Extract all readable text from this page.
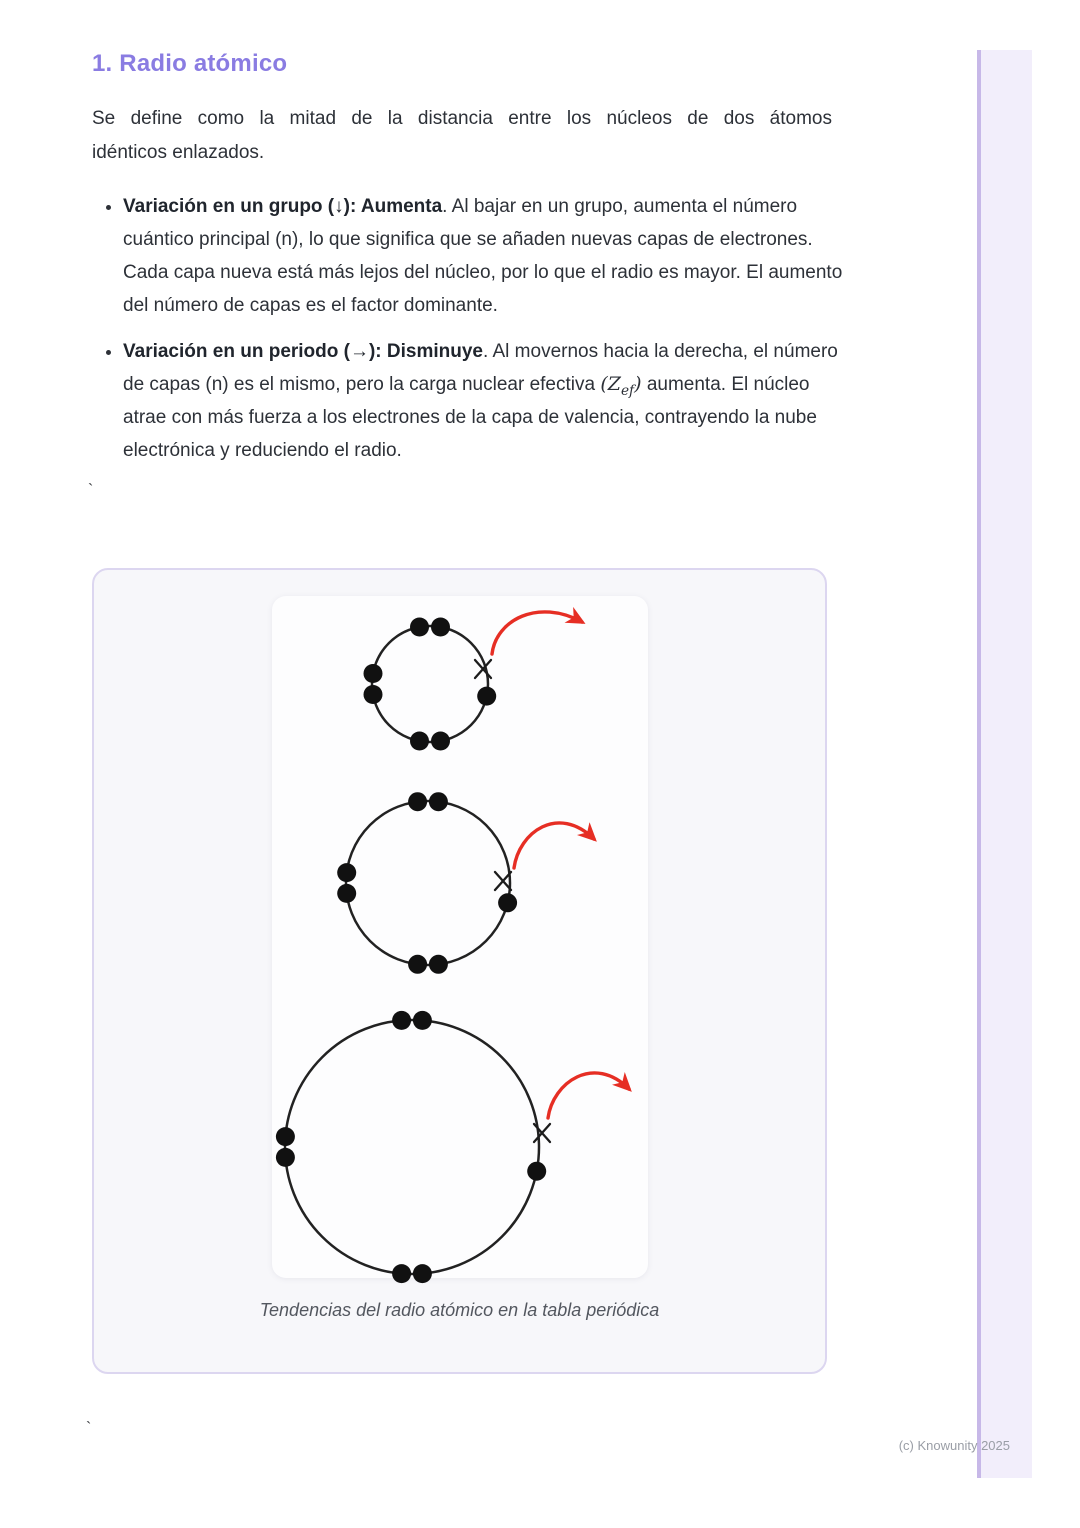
1. Radio atómico

Se define como la mitad de la distancia entre los núcleos de dos átomos
idénticos enlazados.

• Variación en un grupo (↓): Aumenta. Al bajar en un grupo, aumenta el número cuántico principal (n), lo que significa que se añaden nuevas capas de electrones. Cada capa nueva está más lejos del núcleo, por lo que el radio es mayor. El aumento del número de capas es el factor dominante.
• Variación en un periodo (→): Disminuye. Al movernos hacia la derecha, el número de capas (n) es el mismo, pero la carga nuclear efectiva $(Z_{ef})$ aumenta. El núcleo atrae con más fuerza a los electrones de la capa de valencia, contrayendo la nube electrónica y reduciendo el radio.
`
Tendencias del radio atómico en la tabla periódica
`
(c) Knowunity 2025
